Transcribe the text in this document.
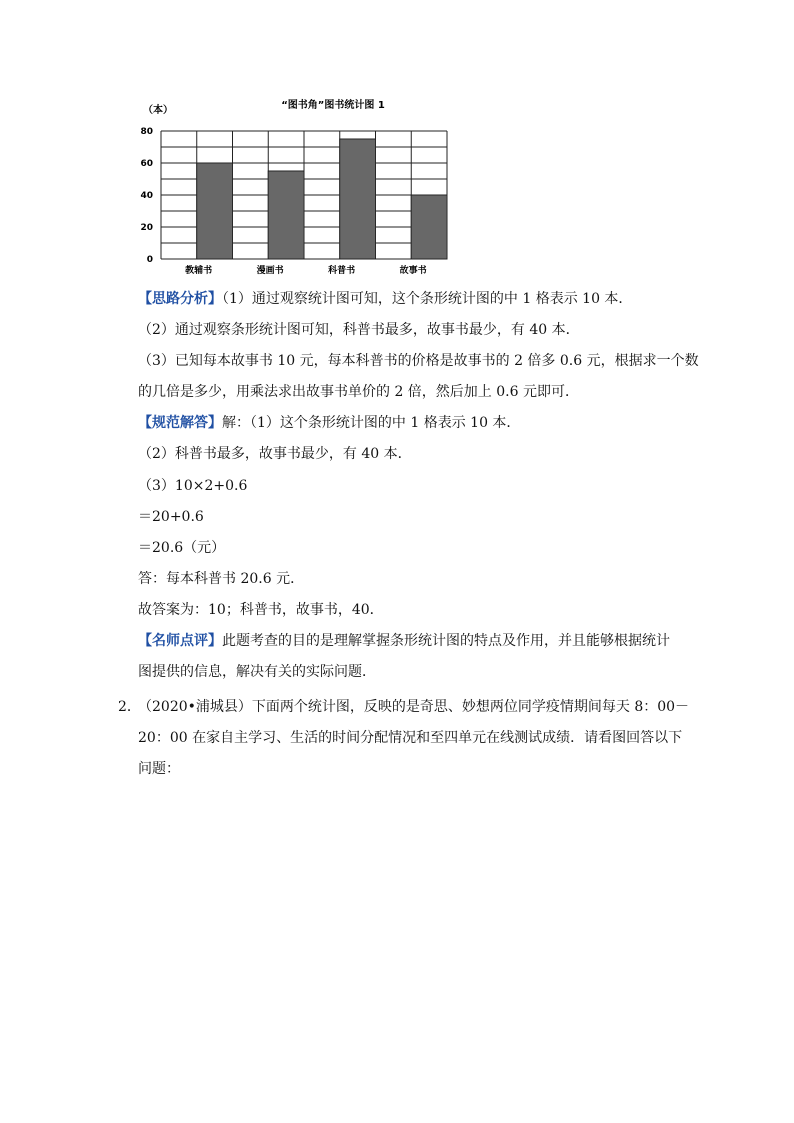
“图书角”图书统计图 1
（本）
0
20
40
60
80
教辅书	漫画书	科普书	故事书
【思路分析】（1）通过观察统计图可知，这个条形统计图的中 1 格表示 10 本．
（2）通过观察条形统计图可知，科普书最多，故事书最少，有 40 本．
（3）已知每本故事书 10 元，每本科普书的价格是故事书的 2 倍多 0.6 元，根据求一个数
的几倍是多少，用乘法求出故事书单价的 2 倍，然后加上 0.6 元即可．
【规范解答】解：（1）这个条形统计图的中 1 格表示 10 本．
（2）科普书最多，故事书最少，有 40 本．
（3）10×2+0.6
＝20+0.6
＝20.6（元）
答：每本科普书 20.6 元．
故答案为：10；科普书，故事书，40．
【名师点评】此题考查的目的是理解掌握条形统计图的特点及作用，并且能够根据统计
图提供的信息，解决有关的实际问题．
2．
（2020•浦城县）下面两个统计图，反映的是奇思、妙想两位同学疫情期间每天 8：00－
20：00 在家自主学习、生活的时间分配情况和至四单元在线测试成绩．请看图回答以下
问题：
